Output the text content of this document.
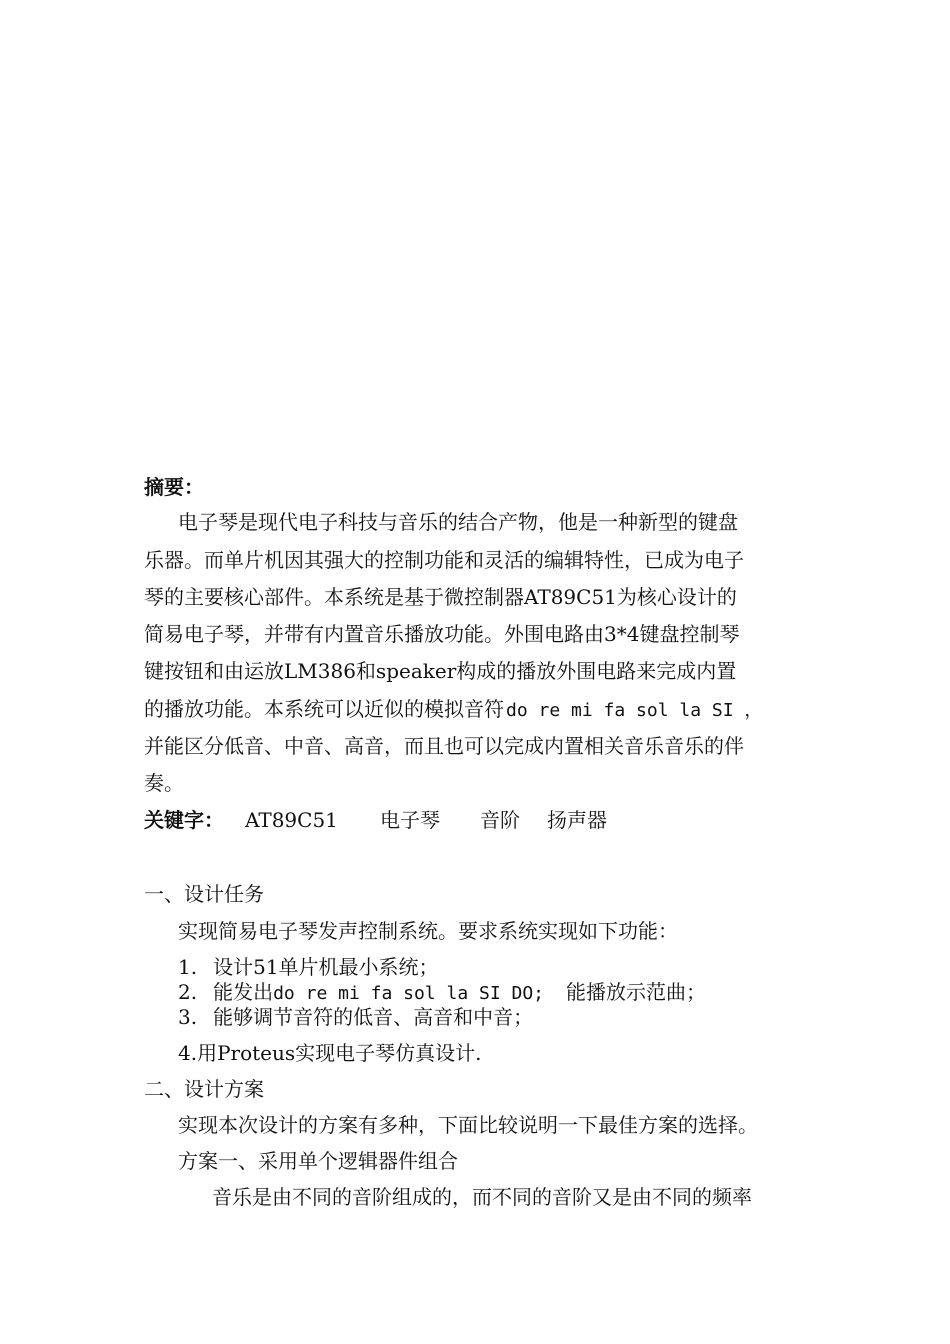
摘要：
电子琴是现代电子科技与音乐的结合产物，他是一种新型的键盘
乐器。而单片机因其强大的控制功能和灵活的编辑特性，已成为电子
琴的主要核心部件。本系统是基于微控制器AT89C51为核心设计的
简易电子琴，并带有内置音乐播放功能。外围电路由3*4键盘控制琴
键按钮和由运放LM386和speaker构成的播放外围电路来完成内置
的播放功能。本系统可以近似的模拟音符 do re mi fa sol la SI ，
并能区分低音、中音、高音，而且也可以完成内置相关音乐音乐的伴
奏。
关键字： AT89C51 电子琴 音阶 扬声器
一、设计任务
实现简易电子琴发声控制系统。要求系统实现如下功能：
1. 设计51单片机最小系统；
2. 能发出do re mi fa sol la SI DO; 能播放示范曲；
3. 能够调节音符的低音、高音和中音；
4.用Proteus实现电子琴仿真设计.
二、设计方案
实现本次设计的方案有多种，下面比较说明一下最佳方案的选择。
方案一、采用单个逻辑器件组合
音乐是由不同的音阶组成的，而不同的音阶又是由不同的频率
